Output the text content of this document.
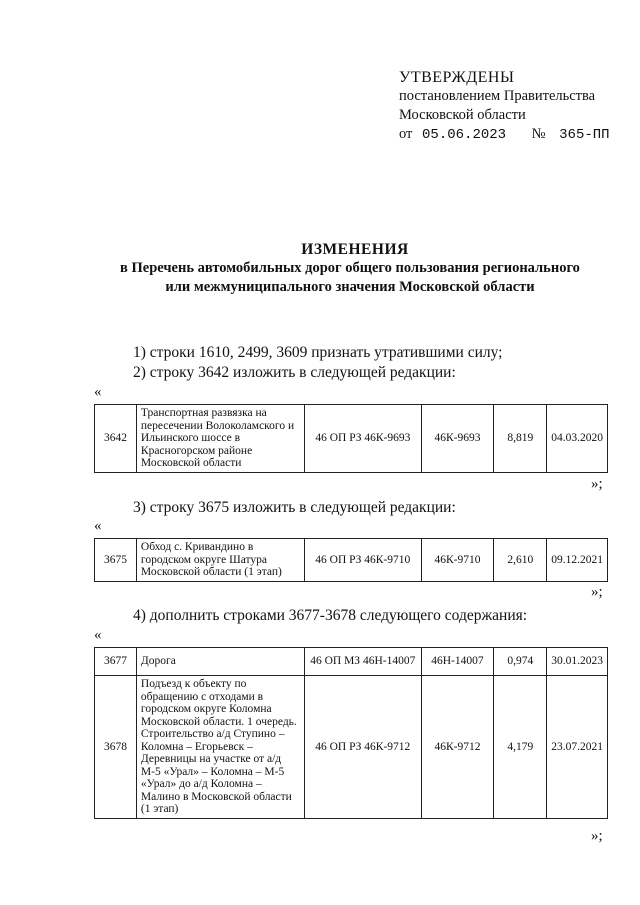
УТВЕРЖДЕНЫ
постановлением Правительства
Московской области
от 05.06.2023 № 365-ПП
ИЗМЕНЕНИЯ
в Перечень автомобильных дорог общего пользования регионального
или межмуниципального значения Московской области
1) строки 1610, 2499, 3609 признать утратившими силу;
2) строку 3642 изложить в следующей редакции:
«
3642	Транспортная развязка на пересечении Волоколамского и Ильинского шоссе в Красногорском районе Московской области	46 ОП РЗ 46К-9693	46К-9693	8,819	04.03.2020
»;
3) строку 3675 изложить в следующей редакции:
«
3675	Обход с. Кривандино в городском округе Шатура Московской области (1 этап)	46 ОП РЗ 46К-9710	46К-9710	2,610	09.12.2021
»;
4) дополнить строками 3677-3678 следующего содержания:
«
3677	Дорога	46 ОП МЗ 46Н-14007	46Н-14007	0,974	30.01.2023
3678	Подъезд к объекту по обращению с отходами в городском округе Коломна Московской области. 1 очередь. Строительство а/д Ступино – Коломна – Егорьевск – Деревницы на участке от а/д М-5 «Урал» – Коломна – М-5 «Урал» до а/д Коломна – Малино в Московской области (1 этап)	46 ОП РЗ 46К-9712	46К-9712	4,179	23.07.2021
»;
